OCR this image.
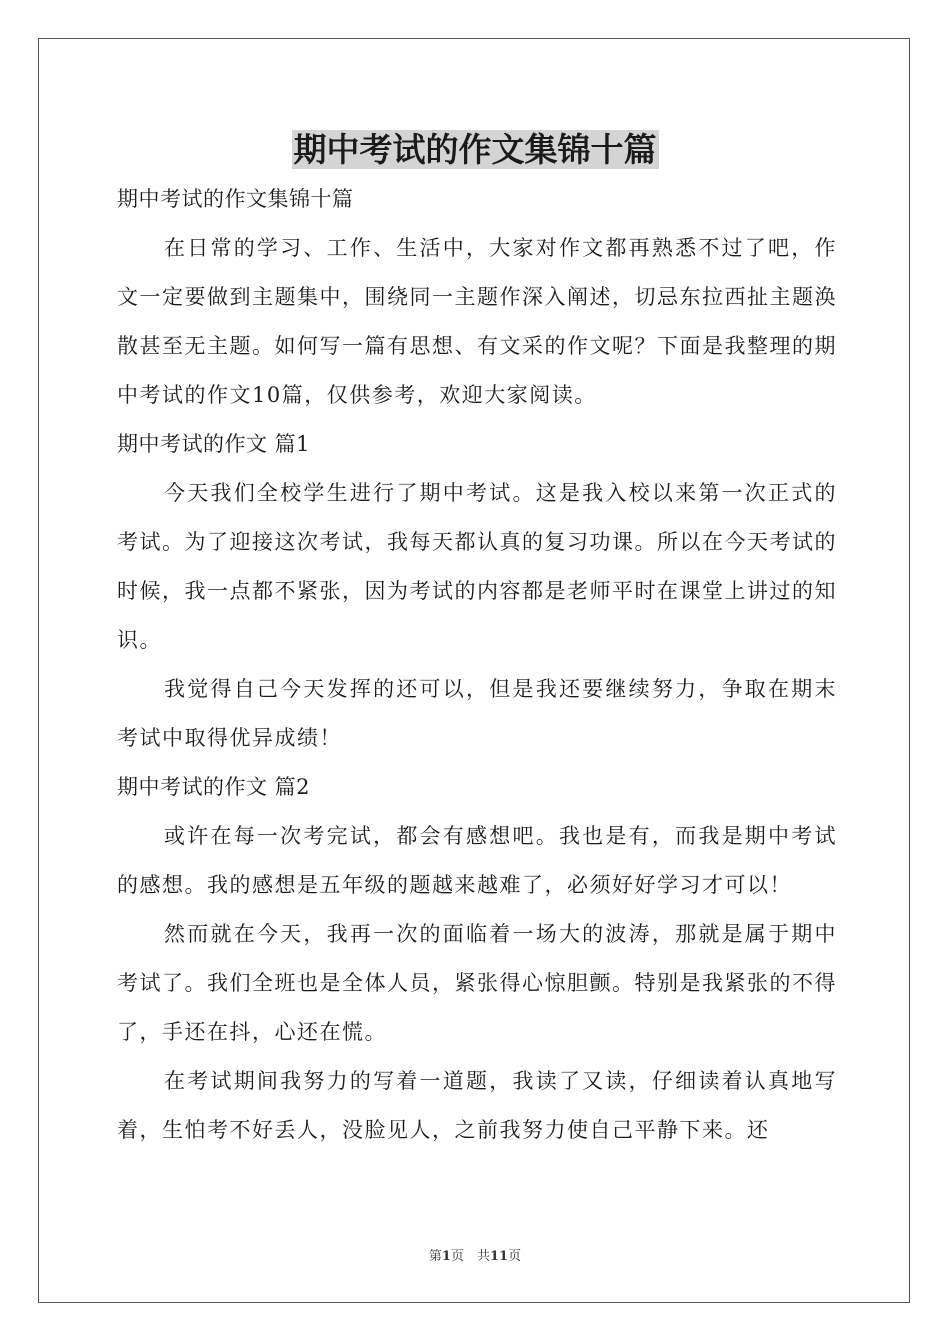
期中考试的作文集锦十篇

期中考试的作文集锦十篇

在日常的学习、工作、生活中，大家对作文都再熟悉不过了吧，作文一定要做到主题集中，围绕同一主题作深入阐述，切忌东拉西扯主题涣散甚至无主题。如何写一篇有思想、有文采的作文呢？下面是我整理的期中考试的作文10篇，仅供参考，欢迎大家阅读。

期中考试的作文 篇1

今天我们全校学生进行了期中考试。这是我入校以来第一次正式的考试。为了迎接这次考试，我每天都认真的复习功课。所以在今天考试的时候，我一点都不紧张，因为考试的内容都是老师平时在课堂上讲过的知识。

我觉得自己今天发挥的还可以，但是我还要继续努力，争取在期末考试中取得优异成绩！

期中考试的作文 篇2

或许在每一次考完试，都会有感想吧。我也是有，而我是期中考试的感想。我的感想是五年级的题越来越难了，必须好好学习才可以！

然而就在今天，我再一次的面临着一场大的波涛，那就是属于期中考试了。我们全班也是全体人员，紧张得心惊胆颤。特别是我紧张的不得了，手还在抖，心还在慌。

在考试期间我努力的写着一道题，我读了又读，仔细读着认真地写着，生怕考不好丢人，没脸见人，之前我努力使自己平静下来。还

第1页　共11页
